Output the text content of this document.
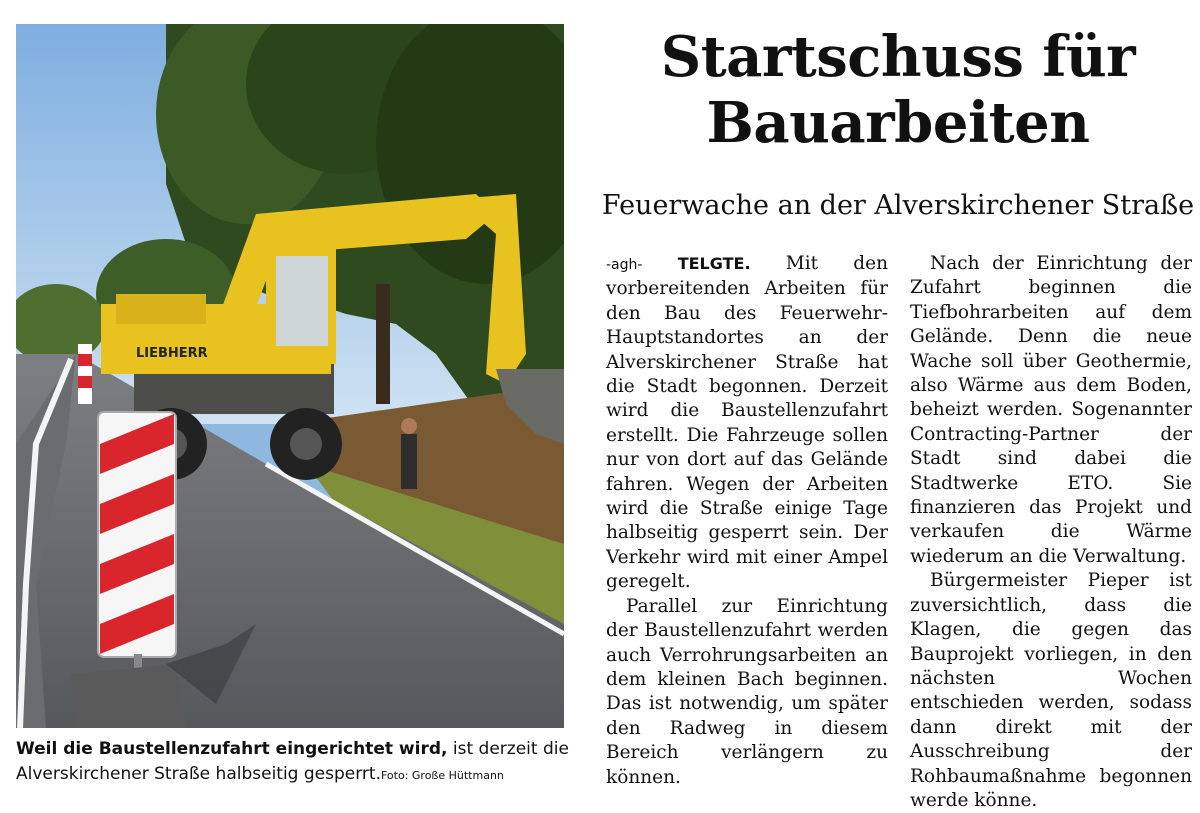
LIEBHERR
Weil die Baustellenzufahrt eingerichtet wird, ist derzeit die Alverskirchener Straße halbseitig gesperrt.Foto: Große Hüttmann
Startschuss für
Bauarbeiten
Feuerwache an der Alverskirchener Straße

-agh- TELGTE. Mit den vorbereitenden Arbeiten für den Bau des Feuerwehr-Hauptstandortes an der Alverskirchener Straße hat die Stadt begonnen. Derzeit wird die Baustellenzufahrt erstellt. Die Fahrzeuge sollen nur von dort auf das Gelände fahren. Wegen der Arbeiten wird die Straße einige Tage halbseitig gesperrt sein. Der Verkehr wird mit einer Ampel geregelt.

Parallel zur Einrichtung der Baustellenzufahrt werden auch Verrohrungsarbeiten an dem kleinen Bach beginnen. Das ist notwendig, um später den Radweg in diesem Bereich verlängern zu können.

Nach der Einrichtung der Zufahrt beginnen die Tiefbohrarbeiten auf dem Gelände. Denn die neue Wache soll über Geothermie, also Wärme aus dem Boden, beheizt werden. Sogenannter Contracting-Partner der Stadt sind dabei die Stadtwerke ETO. Sie finanzieren das Projekt und verkaufen die Wärme wiederum an die Verwaltung.

Bürgermeister Pieper ist zuversichtlich, dass die Klagen, die gegen das Bauprojekt vorliegen, in den nächsten Wochen entschieden werden, sodass dann direkt mit der Ausschreibung der Rohbaumaßnahme begonnen werde könne.
